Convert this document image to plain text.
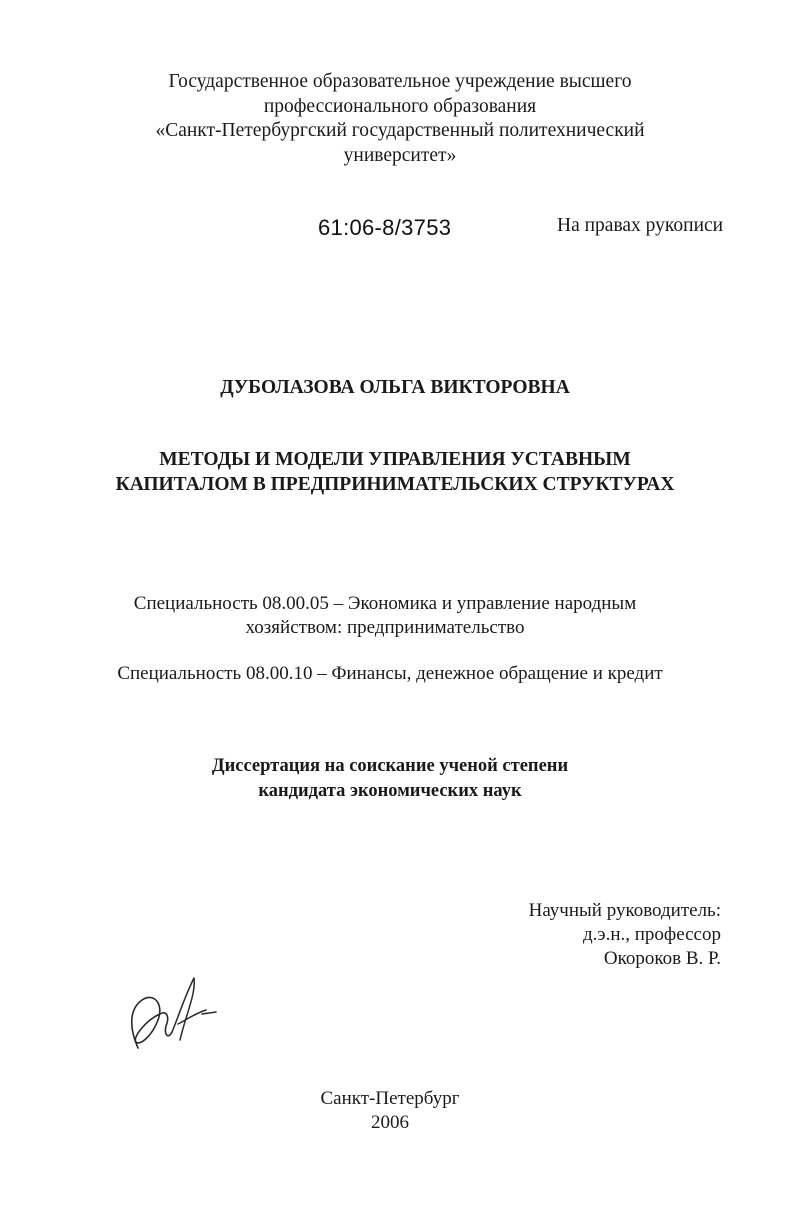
Государственное образовательное учреждение высшего
профессионального образования
«Санкт-Петербургский государственный политехнический
университет»
61:06-8/3753	На правах рукописи
ДУБОЛАЗОВА ОЛЬГА ВИКТОРОВНА
МЕТОДЫ И МОДЕЛИ УПРАВЛЕНИЯ УСТАВНЫМ
КАПИТАЛОМ В ПРЕДПРИНИМАТЕЛЬСКИХ СТРУКТУРАХ
Специальность 08.00.05 – Экономика и управление народным
хозяйством: предпринимательство
Специальность 08.00.10 – Финансы, денежное обращение и кредит
Диссертация на соискание ученой степени
кандидата экономических наук
Научный руководитель:
д.э.н., профессор
Окороков В. Р.
Санкт-Петербург
2006
